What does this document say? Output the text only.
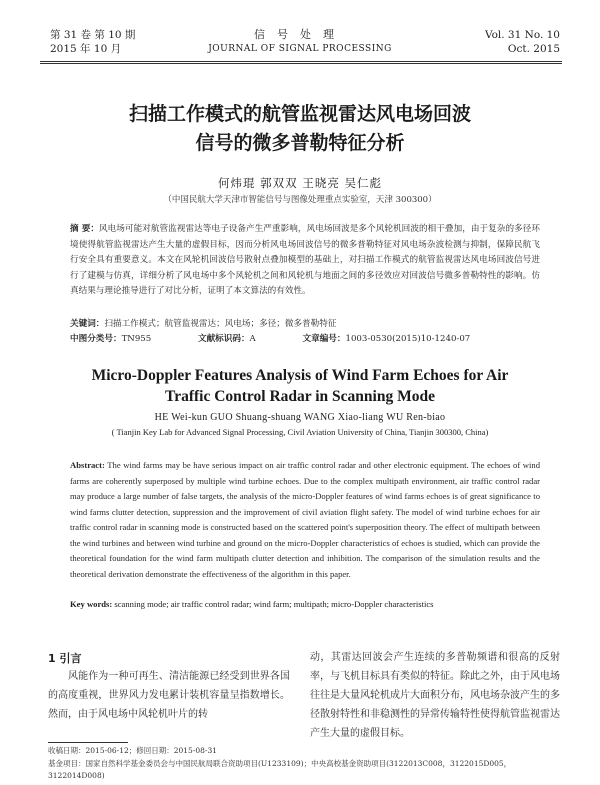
第 31 卷 第 10 期
2015 年 10 月
信号处理
JOURNAL OF SIGNAL PROCESSING
Vol. 31 No. 10
Oct. 2015
扫描工作模式的航管监视雷达风电场回波
信号的微多普勒特征分析
何炜琨 郭双双 王晓亮 吴仁彪
（中国民航大学天津市智能信号与图像处理重点实验室，天津 300300）
摘 要：风电场可能对航管监视雷达等电子设备产生严重影响，风电场回波是多个风轮机回波的相干叠加，由于复杂的多径环境使得航管监视雷达产生大量的虚假目标，因而分析风电场回波信号的微多普勒特征对风电场杂波检测与抑制，保障民航飞行安全具有重要意义。本文在风轮机回波信号散射点叠加模型的基础上，对扫描工作模式的航管监视雷达风电场回波信号进行了建模与仿真，详细分析了风电场中多个风轮机之间和风轮机与地面之间的多径效应对回波信号微多普勒特性的影响。仿真结果与理论推导进行了对比分析，证明了本文算法的有效性。
关键词：扫描工作模式；航管监视雷达；风电场；多径；微多普勒特征
中图分类号：TN955	文献标识码：A	文章编号：1003-0530(2015)10-1240-07
Micro-Doppler Features Analysis of Wind Farm Echoes for Air
Traffic Control Radar in Scanning Mode
HE Wei-kun GUO Shuang-shuang WANG Xiao-liang WU Ren-biao
( Tianjin Key Lab for Advanced Signal Processing, Civil Aviation University of China, Tianjin 300300, China)
Abstract: The wind farms may be have serious impact on air traffic control radar and other electronic equipment. The echoes of wind farms are coherently superposed by multiple wind turbine echoes. Due to the complex multipath environment, air traffic control radar may produce a large number of false targets, the analysis of the micro-Doppler features of wind farms echoes is of great significance to wind farms clutter detection, suppression and the improvement of civil aviation flight safety. The model of wind turbine echoes for air traffic control radar in scanning mode is constructed based on the scattered point's superposition theory. The effect of multipath between the wind turbines and between wind turbine and ground on the micro-Doppler characteristics of echoes is studied, which can provide the theoretical foundation for the wind farm multipath clutter detection and inhibition. The comparison of the simulation results and the theoretical derivation demonstrate the effectiveness of the algorithm in this paper.
Key words: scanning mode; air traffic control radar; wind farm; multipath; micro-Doppler characteristics
1 引言
风能作为一种可再生、清洁能源已经受到世界各国的高度重视，世界风力发电累计装机容量呈指数增长。然而，由于风电场中风轮机叶片的转
动，其雷达回波会产生连续的多普勒频谱和很高的反射率，与飞机目标具有类似的特征。除此之外，由于风电场往往是大量风轮机成片大面积分布，风电场杂波产生的多径散射特性和非稳测性的异常传输特性使得航管监视雷达产生大量的虚假目标。
收稿日期：2015-06-12；修回日期：2015-08-31
基金项目：国家自然科学基金委员会与中国民航局联合资助项目(U1233109)；中央高校基金资助项目(3122013C008，3122015D005，3122014D008)
